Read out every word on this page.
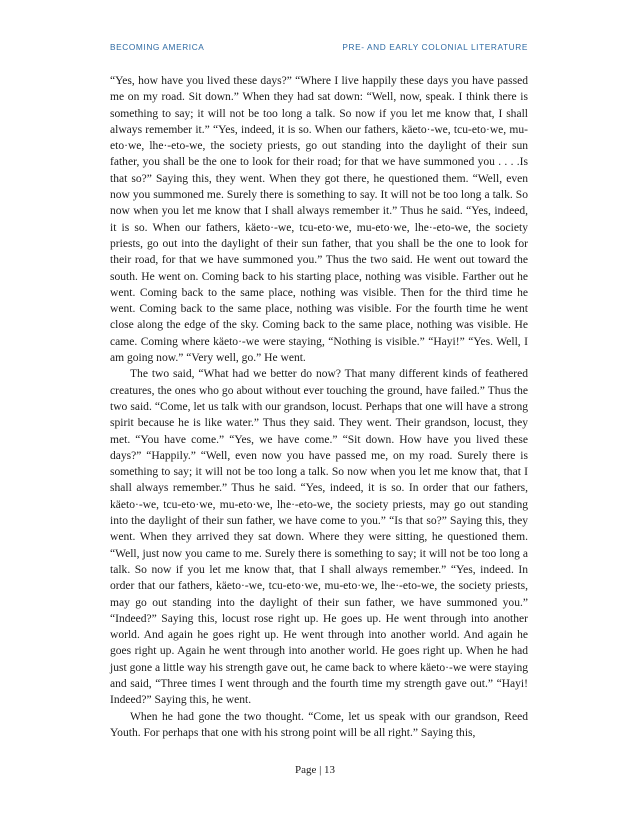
BECOMING AMERICA	PRE- AND EARLY COLONIAL LITERATURE

“Yes, how have you lived these days?” “Where I live happily these days you have passed me on my road. Sit down.” When they had sat down: “Well, now, speak. I think there is something to say; it will not be too long a talk. So now if you let me know that, I shall always remember it.” “Yes, indeed, it is so. When our fathers, käeto·-we, tcu-eto·we, mu-eto·we, lhe·-eto-we, the society priests, go out standing into the daylight of their sun father, you shall be the one to look for their road; for that we have summoned you . . . .Is that so?” Saying this, they went. When they got there, he questioned them. “Well, even now you summoned me. Surely there is something to say. It will not be too long a talk. So now when you let me know that I shall always remember it.” Thus he said. “Yes, indeed, it is so. When our fathers, käeto·-we, tcu-eto·we, mu-eto·we, lhe·-eto-we, the society priests, go out into the daylight of their sun father, that you shall be the one to look for their road, for that we have summoned you.” Thus the two said. He went out toward the south. He went on. Coming back to his starting place, nothing was visible. Farther out he went. Coming back to the same place, nothing was visible. Then for the third time he went. Coming back to the same place, nothing was visible. For the fourth time he went close along the edge of the sky. Coming back to the same place, nothing was visible. He came. Coming where käeto·-we were staying, “Nothing is visible.” “Hayi!” “Yes. Well, I am going now.” “Very well, go.” He went.

The two said, “What had we better do now? That many different kinds of feathered creatures, the ones who go about without ever touching the ground, have failed.” Thus the two said. “Come, let us talk with our grandson, locust. Perhaps that one will have a strong spirit because he is like water.” Thus they said. They went. Their grandson, locust, they met. “You have come.” “Yes, we have come.” “Sit down. How have you lived these days?” “Happily.” “Well, even now you have passed me, on my road. Surely there is something to say; it will not be too long a talk. So now when you let me know that, that I shall always remember.” Thus he said. “Yes, indeed, it is so. In order that our fathers, käeto·-we, tcu-eto·we, mu-eto·we, lhe·-eto-we, the society priests, may go out standing into the daylight of their sun father, we have come to you.” “Is that so?” Saying this, they went. When they arrived they sat down. Where they were sitting, he questioned them. “Well, just now you came to me. Surely there is something to say; it will not be too long a talk. So now if you let me know that, that I shall always remember.” “Yes, indeed. In order that our fathers, käeto·-we, tcu-eto·we, mu-eto·we, lhe·-eto-we, the society priests, may go out standing into the daylight of their sun father, we have summoned you.” “Indeed?” Saying this, locust rose right up. He goes up. He went through into another world. And again he goes right up. He went through into another world. And again he goes right up. Again he went through into another world. He goes right up. When he had just gone a little way his strength gave out, he came back to where käeto·-we were staying and said, “Three times I went through and the fourth time my strength gave out.” “Hayi! Indeed?” Saying this, he went.

When he had gone the two thought. “Come, let us speak with our grandson, Reed Youth. For perhaps that one with his strong point will be all right.” Saying this,

Page | 13
